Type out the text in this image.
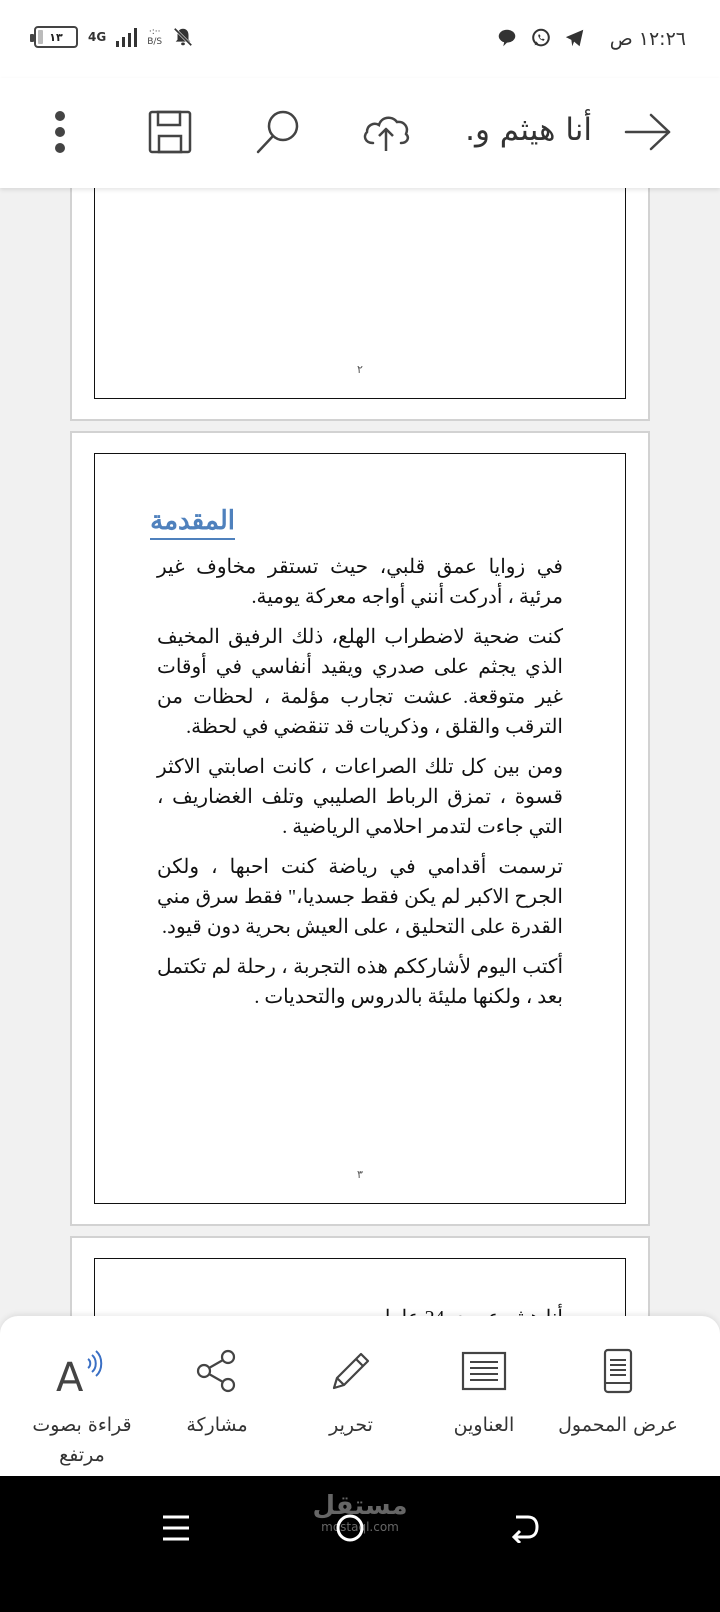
١٣ 4G	·:··
B/S	١٢:٢٦ ص
أنا هيثم و.
٢
المقدمة

في زوايا عمق قلبي، حيث تستقر مخاوف غير مرئية ، أدركت أنني أواجه معركة يومية.

كنت ضحية لاضطراب الهلع، ذلك الرفيق المخيف الذي يجثم على صدري ويقيد أنفاسي في أوقات غير متوقعة. عشت تجارب مؤلمة ، لحظات من الترقب والقلق ، وذكريات قد تنقضي في لحظة.

ومن بين كل تلك الصراعات ، كانت اصابتي الاكثر قسوة ، تمزق الرباط الصليبي وتلف الغضاريف ، التي جاءت لتدمر احلامي الرياضية .

ترسمت أقدامي في رياضة كنت احبها ، ولكن الجرح الاكبر لم يكن فقط جسديا،" فقط سرق مني القدرة على التحليق ، على العيش بحرية دون قيود.

أكتب اليوم لأشارككم هذه التجربة ، رحلة لم تكتمل بعد ، ولكنها مليئة بالدروس والتحديات .

٣
عرض المحمول
العناوين
تحرير
مشاركة
A
قراءة بصوت مرتفع
مستقل
mostaql.com
